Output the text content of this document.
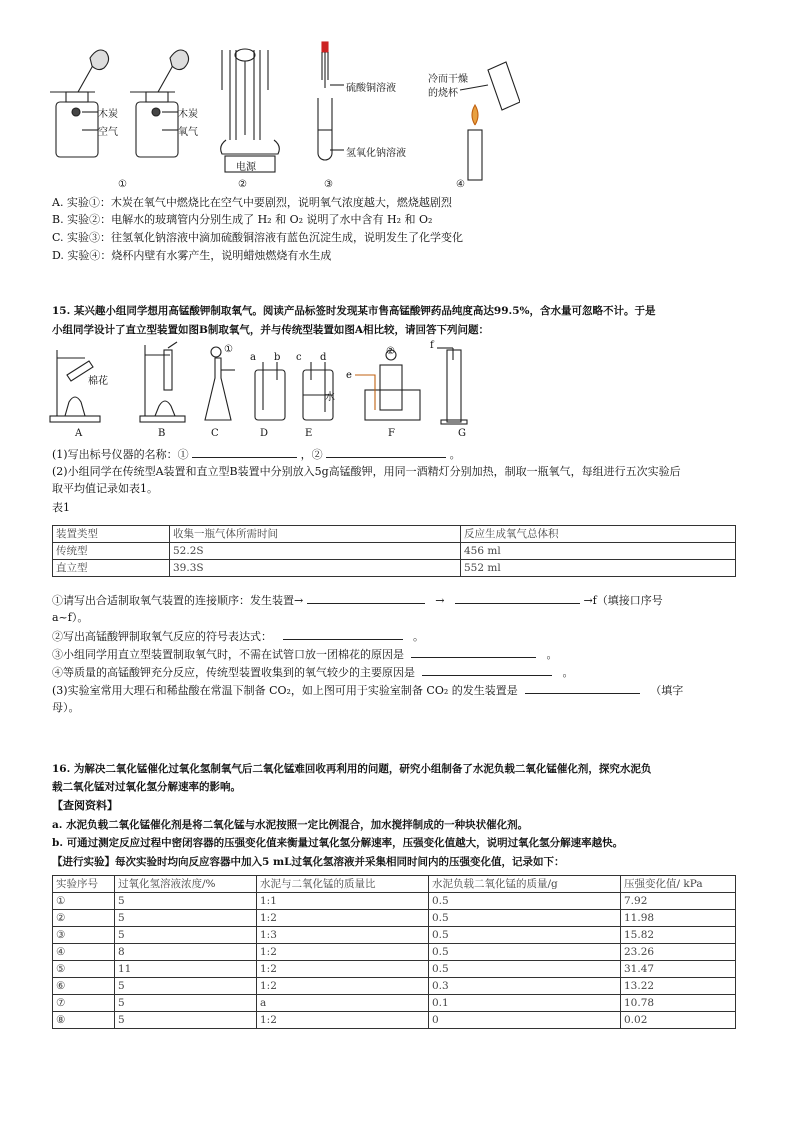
木炭
空气
木炭
氧气
电源
硫酸铜溶液
氢氧化钠溶液
冷而干燥
的烧杯
①	②	③	④
A. 实验①：木炭在氧气中燃烧比在空气中要剧烈，说明氧气浓度越大，燃烧越剧烈
B. 实验②：电解水的玻璃管内分别生成了 H₂ 和 O₂ 说明了水中含有 H₂ 和 O₂
C. 实验③：往氢氧化钠溶液中滴加硫酸铜溶液有蓝色沉淀生成，说明发生了化学变化
D. 实验④：烧杯内壁有水雾产生，说明蜡烛燃烧有水生成
15. 某兴趣小组同学想用高锰酸钾制取氧气。阅读产品标签时发现某市售高锰酸钾药品纯度高达99.5%，含水量可忽略不计。于是
小组同学设计了直立型装置如图B制取氧气，并与传统型装置如图A相比较，请回答下列问题：
棉花
①
a b c d
水
e
②
f
A	B	C	D	E	F	G
(1)写出标号仪器的名称：①	，②	。
(2)小组同学在传统型A装置和直立型B装置中分别放入5g高锰酸钾，用同一酒精灯分别加热，制取一瓶氧气，每组进行五次实验后
取平均值记录如表1。
表1
装置类型	收集一瓶气体所需时间	反应生成氧气总体积
传统型	52.2S	456 ml
直立型	39.3S	552 ml
①请写出合适制取氧气装置的连接顺序：发生装置→	→	→f（填接口序号
a~f）。
②写出高锰酸钾制取氧气反应的符号表达式：	。
③小组同学用直立型装置制取氧气时，不需在试管口放一团棉花的原因是	。
④等质量的高锰酸钾充分反应，传统型装置收集到的氧气较少的主要原因是	。
(3)实验室常用大理石和稀盐酸在常温下制备 CO₂，如上图可用于实验室制备 CO₂ 的发生装置是	（填字
母）。
16. 为解决二氧化锰催化过氧化氢制氧气后二氧化锰难回收再利用的问题，研究小组制备了水泥负载二氧化锰催化剂，探究水泥负
载二氧化锰对过氧化氢分解速率的影响。
【查阅资料】
a. 水泥负载二氧化锰催化剂是将二氧化锰与水泥按照一定比例混合，加水搅拌制成的一种块状催化剂。
b. 可通过测定反应过程中密闭容器的压强变化值来衡量过氧化氢分解速率，压强变化值越大，说明过氧化氢分解速率越快。
【进行实验】每次实验时均向反应容器中加入5 mL过氧化氢溶液并采集相同时间内的压强变化值，记录如下：
实验序号	过氧化氢溶液浓度/%	水泥与二氧化锰的质量比	水泥负载二氧化锰的质量/g	压强变化值/ kPa
①	5	1:1	0.5	7.92
②	5	1:2	0.5	11.98
③	5	1:3	0.5	15.82
④	8	1:2	0.5	23.26
⑤	11	1:2	0.5	31.47
⑥	5	1:2	0.3	13.22
⑦	5	a	0.1	10.78
⑧	5	1:2	0	0.02
